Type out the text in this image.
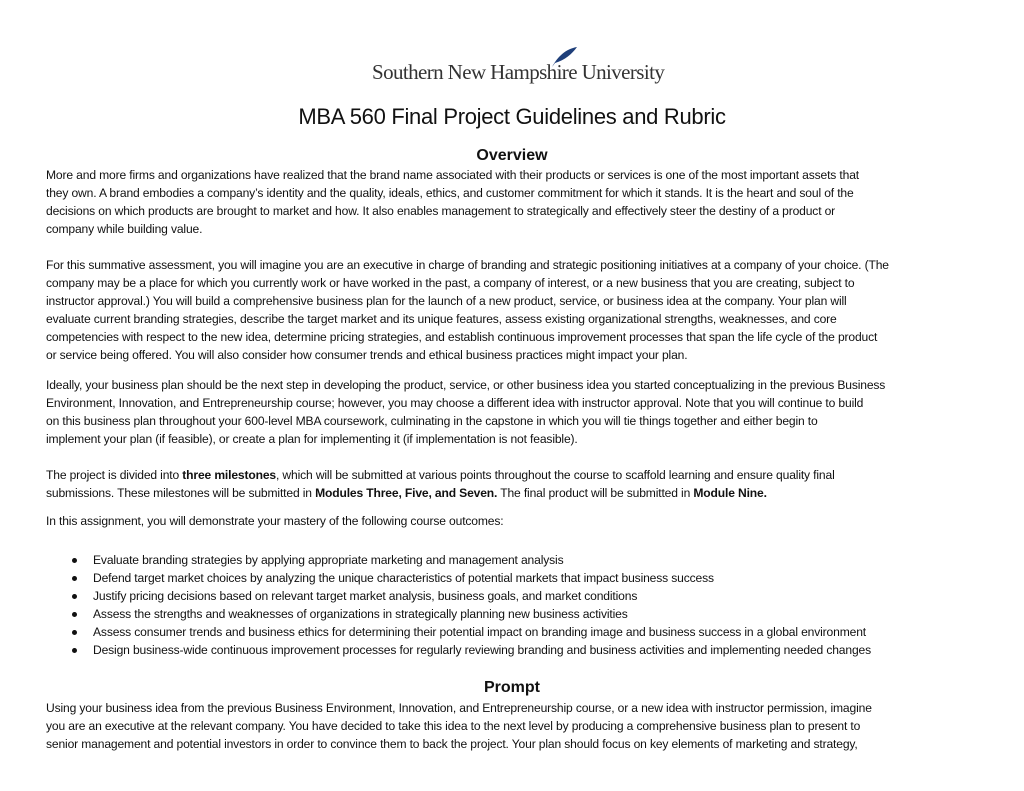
Southern New Hampshire University
MBA 560 Final Project Guidelines and Rubric
Overview
More and more firms and organizations have realized that the brand name associated with their products or services is one of the most important assets that
they own. A brand embodies a company’s identity and the quality, ideals, ethics, and customer commitment for which it stands. It is the heart and soul of the
decisions on which products are brought to market and how. It also enables management to strategically and effectively steer the destiny of a product or
company while building value.
For this summative assessment, you will imagine you are an executive in charge of branding and strategic positioning initiatives at a company of your choice. (The
company may be a place for which you currently work or have worked in the past, a company of interest, or a new business that you are creating, subject to
instructor approval.) You will build a comprehensive business plan for the launch of a new product, service, or business idea at the company. Your plan will
evaluate current branding strategies, describe the target market and its unique features, assess existing organizational strengths, weaknesses, and core
competencies with respect to the new idea, determine pricing strategies, and establish continuous improvement processes that span the life cycle of the product
or service being offered. You will also consider how consumer trends and ethical business practices might impact your plan.
Ideally, your business plan should be the next step in developing the product, service, or other business idea you started conceptualizing in the previous Business
Environment, Innovation, and Entrepreneurship course; however, you may choose a different idea with instructor approval. Note that you will continue to build
on this business plan throughout your 600-level MBA coursework, culminating in the capstone in which you will tie things together and either begin to
implement your plan (if feasible), or create a plan for implementing it (if implementation is not feasible).
The project is divided into three milestones, which will be submitted at various points throughout the course to scaffold learning and ensure quality final
submissions. These milestones will be submitted in Modules Three, Five, and Seven. The final product will be submitted in Module Nine.
In this assignment, you will demonstrate your mastery of the following course outcomes:
Evaluate branding strategies by applying appropriate marketing and management analysis
Defend target market choices by analyzing the unique characteristics of potential markets that impact business success
Justify pricing decisions based on relevant target market analysis, business goals, and market conditions
Assess the strengths and weaknesses of organizations in strategically planning new business activities
Assess consumer trends and business ethics for determining their potential impact on branding image and business success in a global environment
Design business-wide continuous improvement processes for regularly reviewing branding and business activities and implementing needed changes
Prompt
Using your business idea from the previous Business Environment, Innovation, and Entrepreneurship course, or a new idea with instructor permission, imagine
you are an executive at the relevant company. You have decided to take this idea to the next level by producing a comprehensive business plan to present to
senior management and potential investors in order to convince them to back the project. Your plan should focus on key elements of marketing and strategy,
